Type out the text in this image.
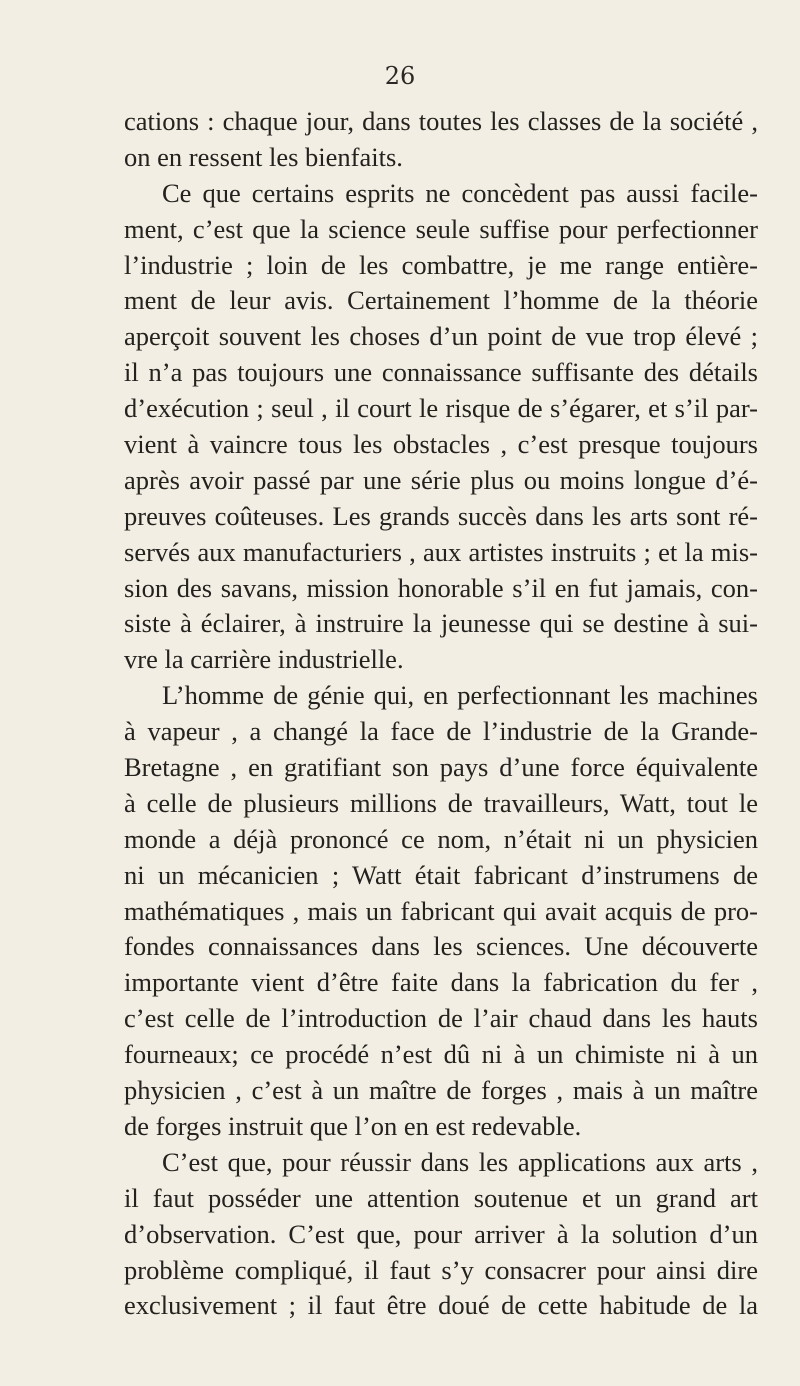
26
cations : chaque jour, dans toutes les classes de la société ,
on en ressent les bienfaits.
Ce que certains esprits ne concèdent pas aussi facile-
ment, c’est que la science seule suffise pour perfectionner
l’industrie ; loin de les combattre, je me range entière-
ment de leur avis. Certainement l’homme de la théorie
aperçoit souvent les choses d’un point de vue trop élevé ;
il n’a pas toujours une connaissance suffisante des détails
d’exécution ; seul , il court le risque de s’égarer, et s’il par-
vient à vaincre tous les obstacles , c’est presque toujours
après avoir passé par une série plus ou moins longue d’é-
preuves coûteuses. Les grands succès dans les arts sont ré-
servés aux manufacturiers , aux artistes instruits ; et la mis-
sion des savans, mission honorable s’il en fut jamais, con-
siste à éclairer, à instruire la jeunesse qui se destine à sui-
vre la carrière industrielle.
L’homme de génie qui, en perfectionnant les machines
à vapeur , a changé la face de l’industrie de la Grande-
Bretagne , en gratifiant son pays d’une force équivalente
à celle de plusieurs millions de travailleurs, Watt, tout le
monde a déjà prononcé ce nom, n’était ni un physicien
ni un mécanicien ; Watt était fabricant d’instrumens de
mathématiques , mais un fabricant qui avait acquis de pro-
fondes connaissances dans les sciences. Une découverte
importante vient d’être faite dans la fabrication du fer ,
c’est celle de l’introduction de l’air chaud dans les hauts
fourneaux; ce procédé n’est dû ni à un chimiste ni à un
physicien , c’est à un maître de forges , mais à un maître
de forges instruit que l’on en est redevable.
C’est que, pour réussir dans les applications aux arts ,
il faut posséder une attention soutenue et un grand art
d’observation. C’est que, pour arriver à la solution d’un
problème compliqué, il faut s’y consacrer pour ainsi dire
exclusivement ; il faut être doué de cette habitude de la
